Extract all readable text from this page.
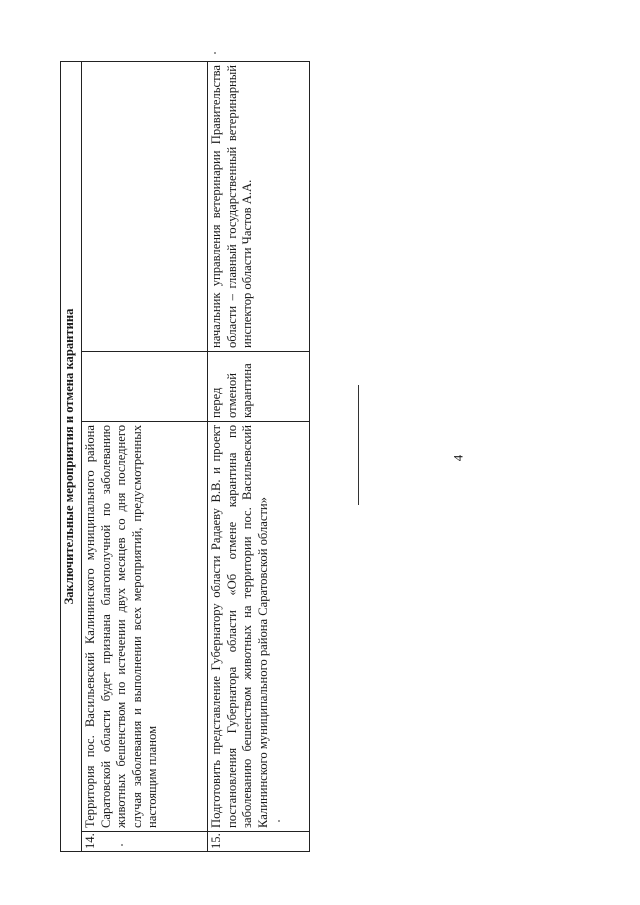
4
Заключительные мероприятия и отмена карантина			
14.	Территория пос. Васильевский Калининского муниципального района Саратовской области будет признана благополучной по заболеванию животных бешенством по истечении двух месяцев со дня последнего случая заболевания и выполнении всех мероприятий, предусмотренных настоящим планом		
15.	Подготовить представление Губернатору области Радаеву В.В. и проект постановления Губернатора области «Об отмене карантина по заболеванию бешенством животных на территории пос. Васильевский Калининского муниципального района Саратовской области»	перед отменой карантина	начальник управления ветеринарии Правительства области – главный государственный ветеринарный инспектор области Частов А.А.
